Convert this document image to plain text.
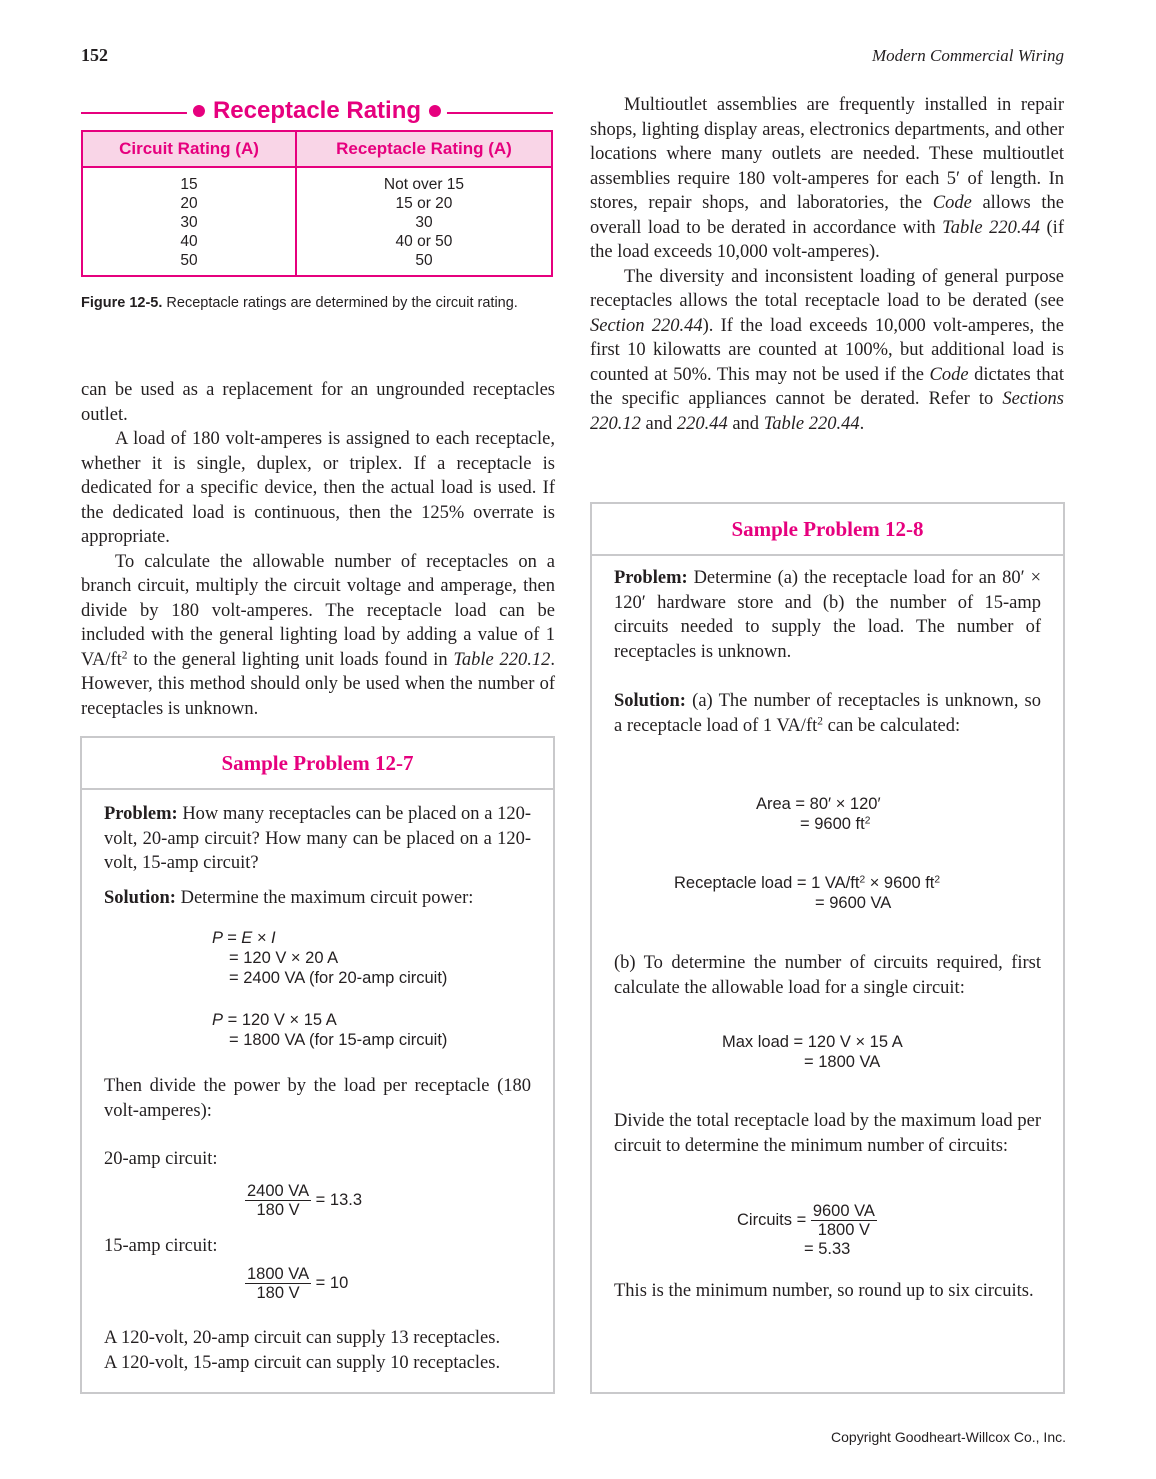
152	Modern Commercial Wiring
Receptacle Rating
Circuit Rating (A)	Receptacle Rating (A)
15
20
30
40
50
Not over 15
15 or 20
30
40 or 50
50
Figure 12-5. Receptacle ratings are determined by the circuit rating.

can be used as a replacement for an ungrounded receptacles outlet.

A load of 180 volt-amperes is assigned to each receptacle, whether it is single, duplex, or triplex. If a receptacle is dedicated for a specific device, then the actual load is used. If the dedicated load is continuous, then the 125% overrate is appropriate.

To calculate the allowable number of receptacles on a branch circuit, multiply the circuit voltage and amperage, then divide by 180 volt-amperes. The receptacle load can be included with the general lighting load by adding a value of 1 $VA/ft^2$ to the general lighting unit loads found in Table 220.12. However, this method should only be used when the number of receptacles is unknown.

Sample Problem 12-7

Problem: How many receptacles can be placed on a 120-volt, 20-amp circuit? How many can be placed on a 120-volt, 15-amp circuit?

Solution: Determine the maximum circuit power:

P = E × I
= 120 V × 20 A
= 2400 VA (for 20-amp circuit)
P = 120 V × 15 A
= 1800 VA (for 15-amp circuit)
Then divide the power by the load per receptacle (180 volt-amperes):
20-amp circuit:
$\frac{2400 VA}{180 V} = 13.3$
15-amp circuit:
$\frac{1800 VA}{180 V} = 10$
A 120-volt, 20-amp circuit can supply 13 receptacles.
A 120-volt, 15-amp circuit can supply 10 receptacles.

Multioutlet assemblies are frequently installed in repair shops, lighting display areas, electronics departments, and other locations where many outlets are needed. These multioutlet assemblies require 180 volt-amperes for each 5′ of length. In stores, repair shops, and laboratories, the Code allows the overall load to be derated in accordance with Table 220.44 (if the load exceeds 10,000 volt-amperes).

The diversity and inconsistent loading of general purpose receptacles allows the total receptacle load to be derated (see Section 220.44). If the load exceeds 10,000 volt-amperes, the first 10 kilowatts are counted at 100%, but additional load is counted at 50%. This may not be used if the Code dictates that the specific appliances cannot be derated. Refer to Sections 220.12 and 220.44 and Table 220.44.

Sample Problem 12-8

Problem: Determine (a) the receptacle load for an 80′ × 120′ hardware store and (b) the number of 15-amp circuits needed to supply the load. The number of receptacles is unknown.

Solution: (a) The number of receptacles is unknown, so a receptacle load of 1 $VA/ft^2$ can be calculated:

Area = 80′ × 120′
= 9600 $ft^2$
Receptacle load = 1 $VA/ft^2 \times 9600$ $ft^2$
= 9600 VA
(b) To determine the number of circuits required, first calculate the allowable load for a single circuit:
Max load = 120 V × 15 A
= 1800 VA
Divide the total receptacle load by the maximum load per circuit to determine the minimum number of circuits:
Circuits = $\frac{9600 VA}{1800 V}$
= 5.33
This is the minimum number, so round up to six circuits.
Copyright Goodheart-Willcox Co., Inc.
